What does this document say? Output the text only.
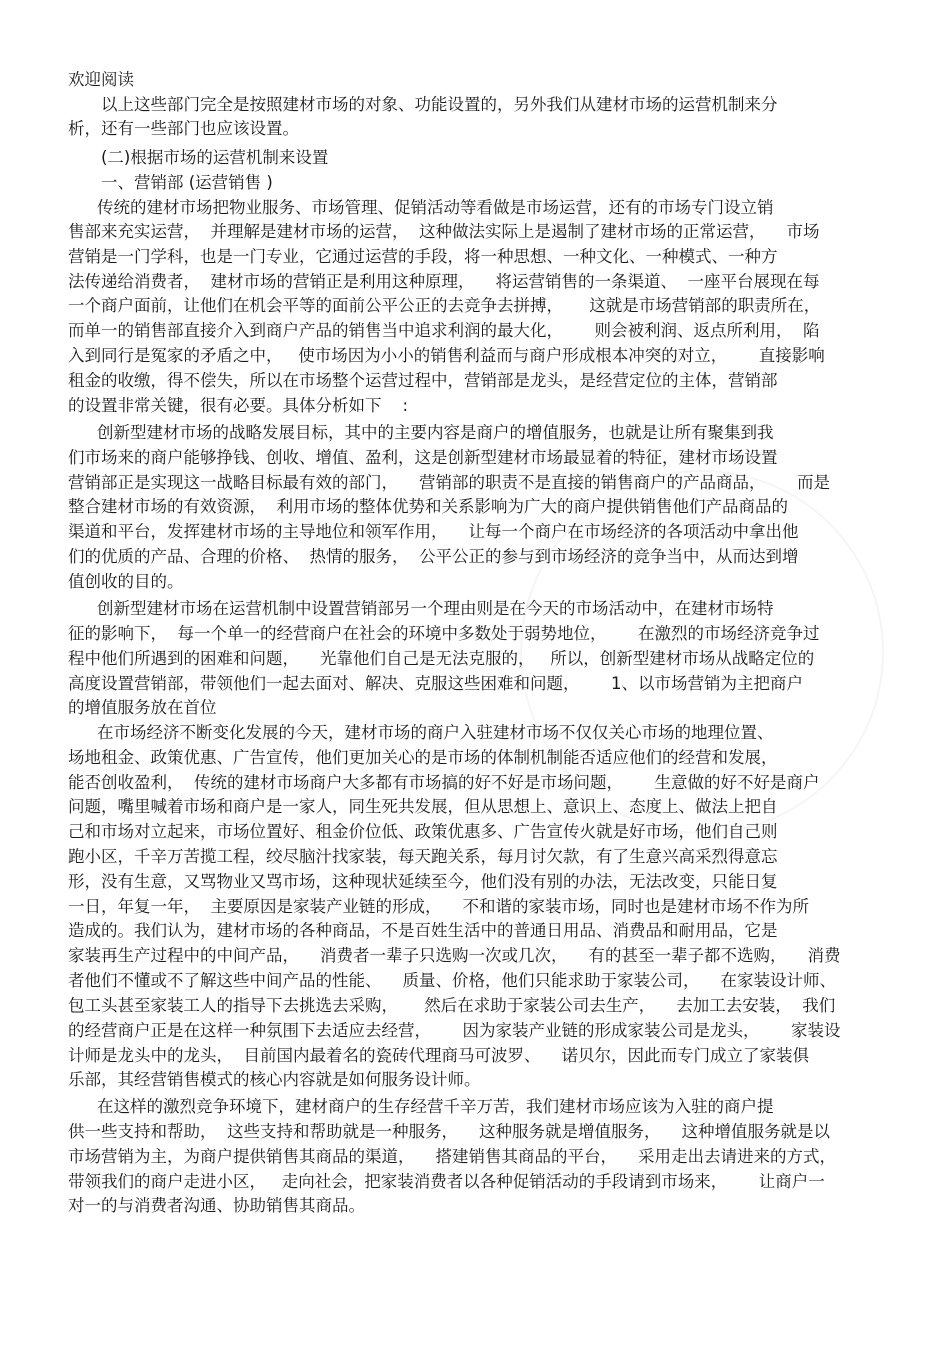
欢迎阅读
以上这些部门完全是按照建材市场的对象、功能设置的，另外我们从建材市场的运营机制来分
析，还有一些部门也应该设置。
(二)根据市场的运营机制来设置
一、营销部 (运营销售 )
传统的建材市场把物业服务、市场管理、促销活动等看做是市场运营，还有的市场专门设立销
售部来充实运营，  并理解是建材市场的运营，  这种做法实际上是遏制了建材市场的正常运营，    市场
营销是一门学科，也是一门专业，它通过运营的手段，将一种思想、一种文化、一种模式、一种方
法传递给消费者，  建材市场的营销正是利用这种原理，    将运营销售的一条渠道、  一座平台展现在每
一个商户面前，让他们在机会平等的面前公平公正的去竞争去拼搏，     这就是市场营销部的职责所在，
而单一的销售部直接介入到商户产品的销售当中追求利润的最大化，      则会被利润、返点所利用，  陷
入到同行是冤家的矛盾之中，   使市场因为小小的销售利益而与商户形成根本冲突的对立，      直接影响
租金的收缴，得不偿失，所以在市场整个运营过程中，营销部是龙头，是经营定位的主体，营销部
的设置非常关键，很有必要。具体分析如下    :
创新型建材市场的战略发展目标，其中的主要内容是商户的增值服务，也就是让所有聚集到我
们市场来的商户能够挣钱、创收、增值、盈利，这是创新型建材市场最显着的特征，建材市场设置
营销部正是实现这一战略目标最有效的部门，    营销部的职责不是直接的销售商户的产品商品，      而是
整合建材市场的有效资源，  利用市场的整体优势和关系影响为广大的商户提供销售他们产品商品的
渠道和平台，发挥建材市场的主导地位和领军作用，    让每一个商户在市场经济的各项活动中拿出他
们的优质的产品、合理的价格、  热情的服务，  公平公正的参与到市场经济的竞争当中，从而达到增
值创收的目的。
创新型建材市场在运营机制中设置营销部另一个理由则是在今天的市场活动中，在建材市场特
征的影响下，  每一个单一的经营商户在社会的环境中多数处于弱势地位，      在激烈的市场经济竞争过
程中他们所遇到的困难和问题，    光靠他们自己是无法克服的，   所以，创新型建材市场从战略定位的
高度设置营销部，带领他们一起去面对、解决、克服这些困难和问题，      1、以市场营销为主把商户
的增值服务放在首位
在市场经济不断变化发展的今天，建材市场的商户入驻建材市场不仅仅关心市场的地理位置、
场地租金、政策优惠、广告宣传，他们更加关心的是市场的体制机制能否适应他们的经营和发展，
能否创收盈利，  传统的建材市场商户大多都有市场搞的好不好是市场问题，      生意做的好不好是商户
问题，嘴里喊着市场和商户是一家人，同生死共发展，但从思想上、意识上、态度上、做法上把自
己和市场对立起来，市场位置好、租金价位低、政策优惠多、广告宣传火就是好市场，他们自己则
跑小区，千辛万苦揽工程，绞尽脑汁找家装，每天跑关系，每月讨欠款，有了生意兴高采烈得意忘
形，没有生意，又骂物业又骂市场，这种现状延续至今，他们没有别的办法，无法改变，只能日复
一日，年复一年，  主要原因是家装产业链的形成，    不和谐的家装市场，同时也是建材市场不作为所
造成的。我们认为，建材市场的各种商品，不是百姓生活中的普通日用品、消费品和耐用品，它是
家装再生产过程中的中间产品，    消费者一辈子只选购一次或几次，    有的甚至一辈子都不选购，    消费
者他们不懂或不了解这些中间产品的性能、    质量、价格，他们只能求助于家装公司，    在家装设计师、
包工头甚至家装工人的指导下去挑选去采购，     然后在求助于家装公司去生产，    去加工去安装，  我们
的经营商户正是在这样一种氛围下去适应去经营，      因为家装产业链的形成家装公司是龙头，      家装设
计师是龙头中的龙头，  目前国内最着名的瓷砖代理商马可波罗、    诺贝尔，因此而专门成立了家装俱
乐部，其经营销售模式的核心内容就是如何服务设计师。
在这样的激烈竞争环境下，建材商户的生存经营千辛万苦，我们建材市场应该为入驻的商户提
供一些支持和帮助，  这些支持和帮助就是一种服务，    这种服务就是增值服务，    这种增值服务就是以
市场营销为主，为商户提供销售其商品的渠道，    搭建销售其商品的平台，    采用走出去请进来的方式，
带领我们的商户走进小区，   走向社会，把家装消费者以各种促销活动的手段请到市场来，      让商户一
对一的与消费者沟通、协助销售其商品。
